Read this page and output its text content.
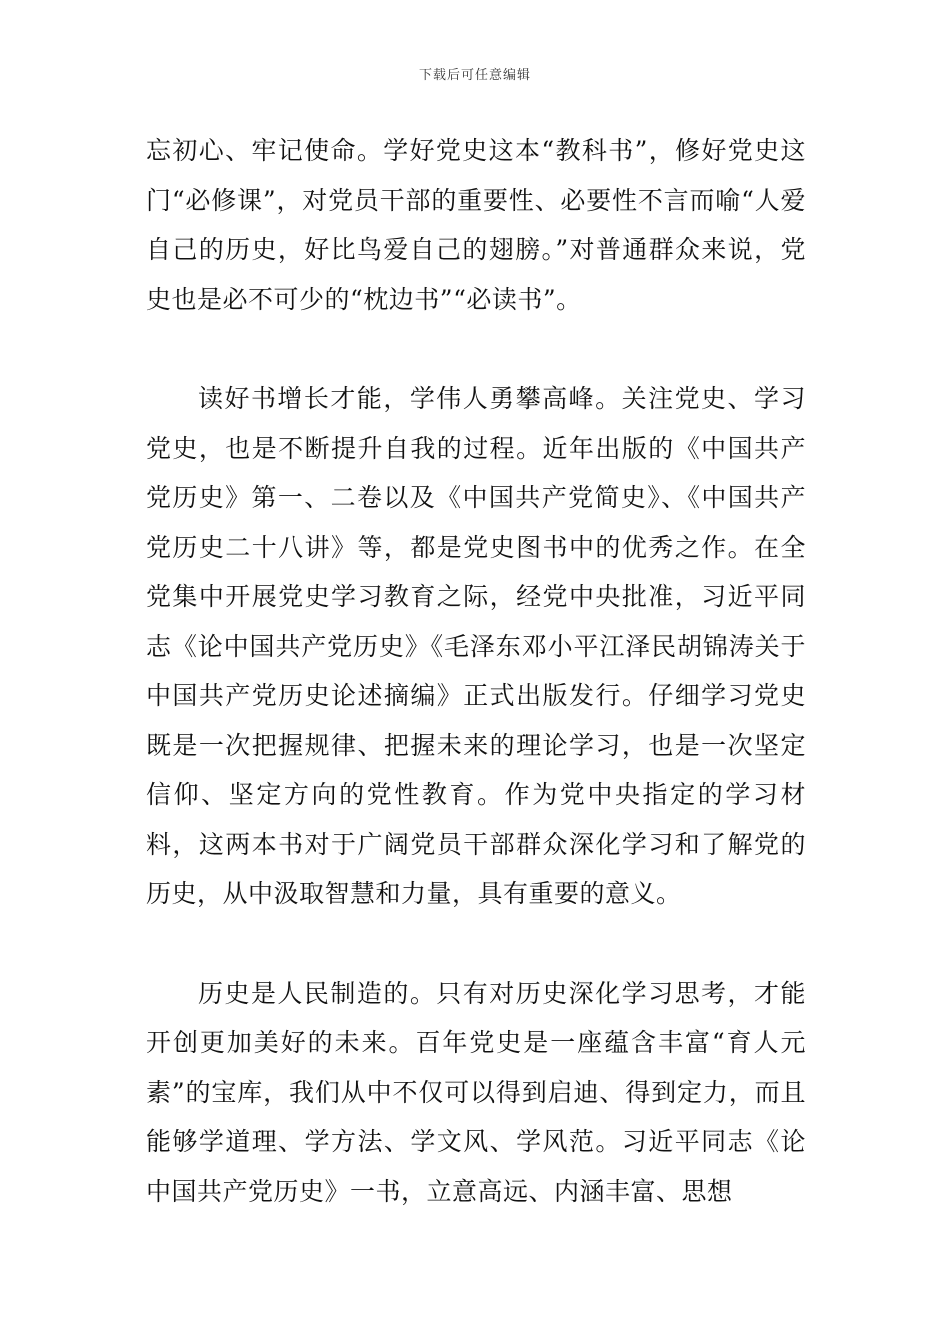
下载后可任意编辑

忘初心、牢记使命。学好党史这本“教科书”，修好党史这门“必修课”，对党员干部的重要性、必要性不言而喻“人爱自己的历史，好比鸟爱自己的翅膀。”对普通群众来说，党史也是必不可少的“枕边书”“必读书”。

读好书增长才能，学伟人勇攀高峰。关注党史、学习党史，也是不断提升自我的过程。近年出版的《中国共产党历史》第一、二卷以及《中国共产党简史》、《中国共产党历史二十八讲》等，都是党史图书中的优秀之作。在全党集中开展党史学习教育之际，经党中央批准，习近平同志《论中国共产党历史》《毛泽东邓小平江泽民胡锦涛关于中国共产党历史论述摘编》正式出版发行。仔细学习党史既是一次把握规律、把握未来的理论学习，也是一次坚定信仰、坚定方向的党性教育。作为党中央指定的学习材料，这两本书对于广阔党员干部群众深化学习和了解党的历史，从中汲取智慧和力量，具有重要的意义。

历史是人民制造的。只有对历史深化学习思考，才能开创更加美好的未来。百年党史是一座蕴含丰富“育人元素”的宝库，我们从中不仅可以得到启迪、得到定力，而且能够学道理、学方法、学文风、学风范。习近平同志《论中国共产党历史》一书，立意高远、内涵丰富、思想
